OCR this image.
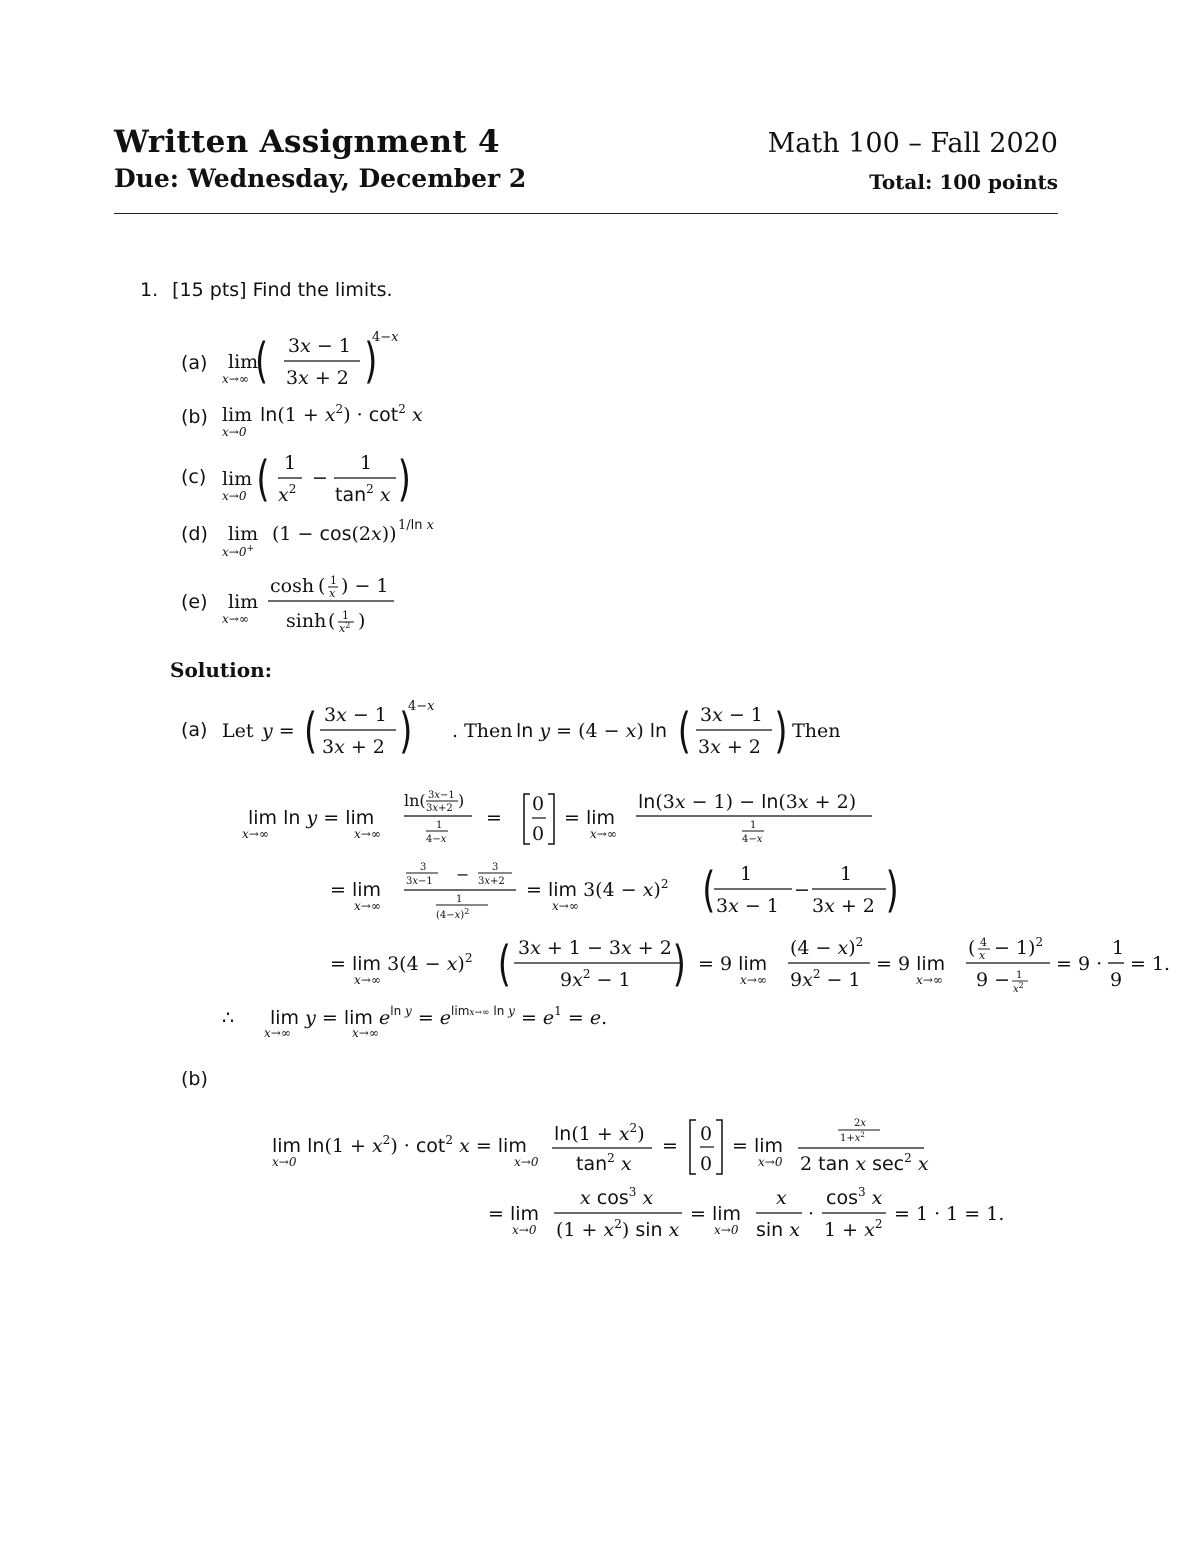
Written Assignment 4	Math 100 – Fall 2020
Due: Wednesday, December 2	Total: 100 points
1. [15 pts] Find the limits.
(a)
(b)
(c)
(d)
(e)
lim
x→∞ ( 3x − 1
3x + 2 )
4−x
lim
x→0
$\ln(1 + x^2) \cdot \cot^2 x$
lim
x→0 ( 1
$x^2$ −
1
$\tan^2 x$ )
lim
x→0+
(1 − cos(2x)) 1/ln x
lim
x→∞
cosh ( 1
x ) − 1
sinh ( 1
$x^2$ )
Solution:
(a) Let y = ( 3x − 1
3x + 2 )
4−x
. Then ln y = (4 − x) ln ( 3x − 1
3x + 2 )
. Then
lim ln y = lim
x→∞	x→∞
ln( 3x−1
3x+2 )
1
4−x
=
0
0
= lim
x→∞
ln(3x − 1) − ln(3x + 2)
1
4−x
= lim
x→∞
3
3x−1 − 3
3x+2
1
$(4-x)^2$
= $\lim 3(4 - x)^2$
x→∞	( 1
3x − 1
−
1
3x + 2 )
= $\lim 3(4 - x)^2$
x→∞ ( 3x + 1 − 3x + 2
$9x^2 - 1$ ) = 9 lim
x→∞
$(4 - x)^2$
$9x^2 - 1$
= 9 lim
x→∞
( 4
x − 1)$^2$
9 − 1
$x^2$
= 9 ·
1
9
= 1.
∴ $\lim y = \lim e^{ln y} = e^{limx\to\infty ln y} = e^1 = e$.
x→∞	x→∞
(b)
$\lim \ln(1 + x^2) \cdot \cot^2 x = \lim$
x→0	x→0
$\ln(1 + x^2)$
$\tan^2 x$
=
0
0
= lim
x→0
2x
$1+x^2$
2 tan x $\sec^2 x$
= lim
x→0
x $\cos^3 x$
$(1 + x^2)$ sin x
= lim
x→0
x
sin x
·
$\cos^3 x$
$1 + x^2 = 1 \cdot 1 = 1$.
